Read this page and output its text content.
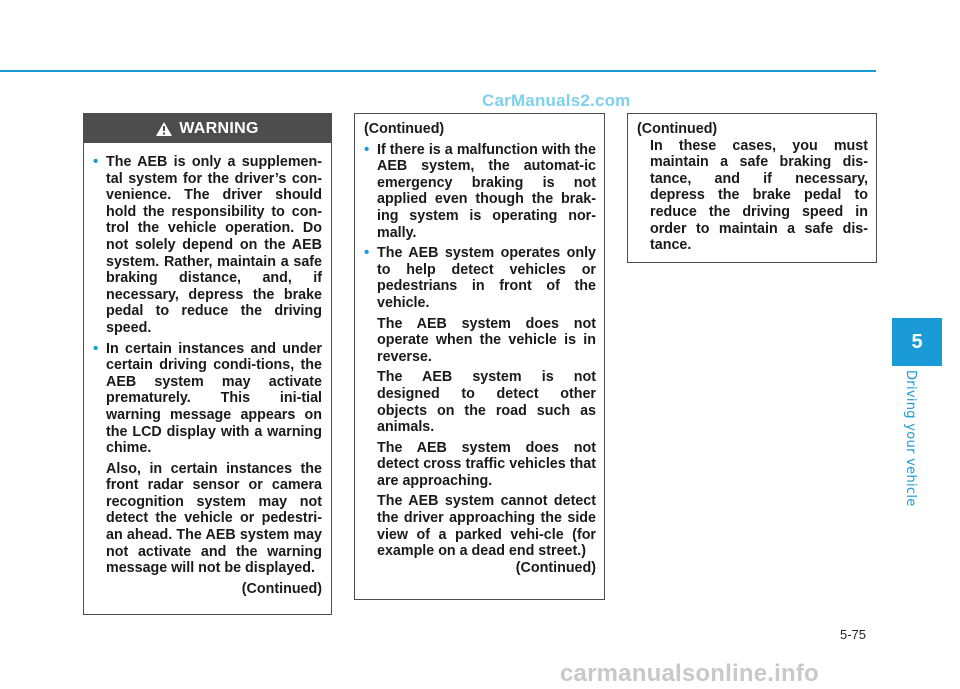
CarManuals2.com
WARNING

• The AEB is only a supplemen-tal system for the driver’s con-venience. The driver should hold the responsibility to con-trol the vehicle operation. Do not solely depend on the AEB system. Rather, maintain a safe braking distance, and, if necessary, depress the brake pedal to reduce the driving speed.

• In certain instances and under certain driving condi-tions, the AEB system may activate prematurely. This ini-tial warning message appears on the LCD display with a warning chime.

Also, in certain instances the front radar sensor or camera recognition system may not detect the vehicle or pedestri-an ahead. The AEB system may not activate and the warning message will not be displayed.

(Continued)

(Continued)

• If there is a malfunction with the AEB system, the automat-ic emergency braking is not applied even though the brak-ing system is operating nor-mally.

• The AEB system operates only to help detect vehicles or pedestrians in front of the vehicle.

The AEB system does not operate when the vehicle is in reverse.

The AEB system is not designed to detect other objects on the road such as animals.

The AEB system does not detect cross traffic vehicles that are approaching.

The AEB system cannot detect the driver approaching the side view of a parked vehi-cle (for example on a dead end street.)

(Continued)

(Continued)

In these cases, you must maintain a safe braking dis-tance, and if necessary, depress the brake pedal to reduce the driving speed in order to maintain a safe dis-tance.

5
Driving your vehicle
5-75
carmanualsonline.info
